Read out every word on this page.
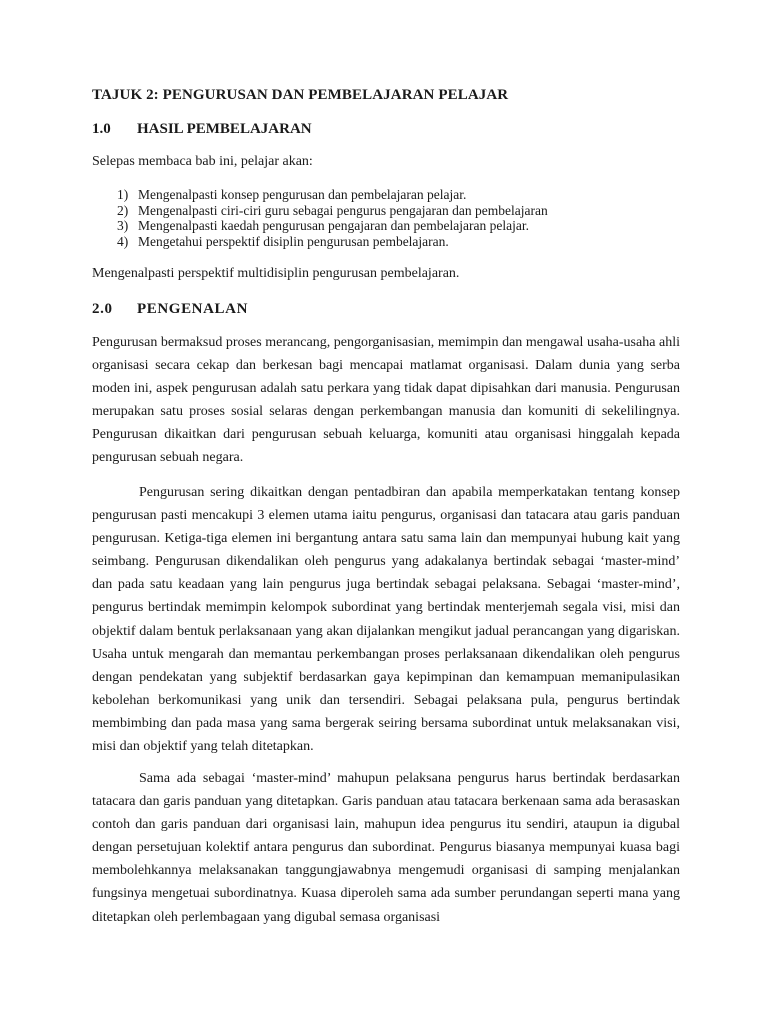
TAJUK 2: PENGURUSAN DAN PEMBELAJARAN PELAJAR
1.0 HASIL PEMBELAJARAN
Selepas membaca bab ini, pelajar akan:
1) Mengenalpasti konsep pengurusan dan pembelajaran pelajar.
2) Mengenalpasti ciri-ciri guru sebagai pengurus pengajaran dan pembelajaran
3) Mengenalpasti kaedah pengurusan pengajaran dan pembelajaran pelajar.
4) Mengetahui perspektif disiplin pengurusan pembelajaran.
Mengenalpasti perspektif multidisiplin pengurusan pembelajaran.
2.0 PENGENALAN

Pengurusan bermaksud proses merancang, pengorganisasian, memimpin dan mengawal usaha-usaha ahli organisasi secara cekap dan berkesan bagi mencapai matlamat organisasi. Dalam dunia yang serba moden ini, aspek pengurusan adalah satu perkara yang tidak dapat dipisahkan dari manusia. Pengurusan merupakan satu proses sosial selaras dengan perkembangan manusia dan komuniti di sekelilingnya. Pengurusan dikaitkan dari pengurusan sebuah keluarga, komuniti atau organisasi hinggalah kepada pengurusan sebuah negara.

Pengurusan sering dikaitkan dengan pentadbiran dan apabila memperkatakan tentang konsep pengurusan pasti mencakupi 3 elemen utama iaitu pengurus, organisasi dan tatacara atau garis panduan pengurusan. Ketiga-tiga elemen ini bergantung antara satu sama lain dan mempunyai hubung kait yang seimbang. Pengurusan dikendalikan oleh pengurus yang adakalanya bertindak sebagai ‘master-mind’ dan pada satu keadaan yang lain pengurus juga bertindak sebagai pelaksana. Sebagai ‘master-mind’, pengurus bertindak memimpin kelompok subordinat yang bertindak menterjemah segala visi, misi dan objektif dalam bentuk perlaksanaan yang akan dijalankan mengikut jadual perancangan yang digariskan. Usaha untuk mengarah dan memantau perkembangan proses perlaksanaan dikendalikan oleh pengurus dengan pendekatan yang subjektif berdasarkan gaya kepimpinan dan kemampuan memanipulasikan kebolehan berkomunikasi yang unik dan tersendiri. Sebagai pelaksana pula, pengurus bertindak membimbing dan pada masa yang sama bergerak seiring bersama subordinat untuk melaksanakan visi, misi dan objektif yang telah ditetapkan.

Sama ada sebagai ‘master-mind’ mahupun pelaksana pengurus harus bertindak berdasarkan tatacara dan garis panduan yang ditetapkan. Garis panduan atau tatacara berkenaan sama ada berasaskan contoh dan garis panduan dari organisasi lain, mahupun idea pengurus itu sendiri, ataupun ia digubal dengan persetujuan kolektif antara pengurus dan subordinat. Pengurus biasanya mempunyai kuasa bagi membolehkannya melaksanakan tanggungjawabnya mengemudi organisasi di samping menjalankan fungsinya mengetuai subordinatnya. Kuasa diperoleh sama ada sumber perundangan seperti mana yang ditetapkan oleh perlembagaan yang digubal semasa organisasi
